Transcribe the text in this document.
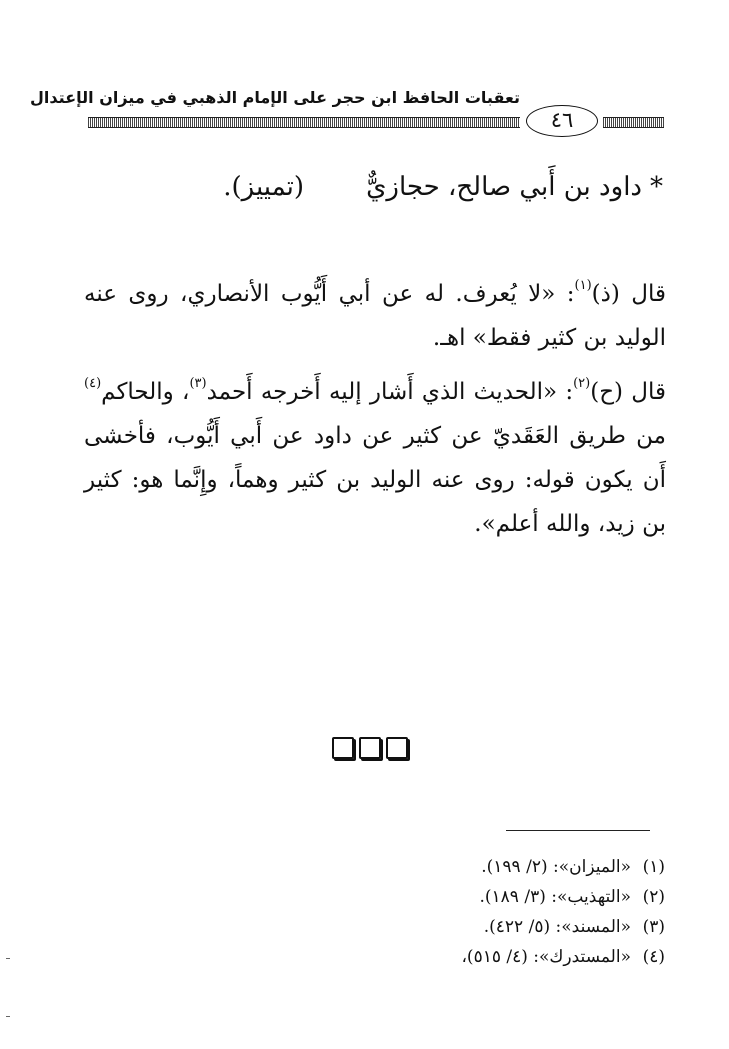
تعقبات الحافظ ابن حجر على الإمام الذهبي في ميزان الإعتدال
٤٦
*داود بن أَبي صالح، حجازيٌّ(تمييز).
قال (ذ)$^{(١)}$: «لا يُعرف. له عن أبي أَيُّوب الأنصاري، روى عنه الوليد بن كثير فقط» اهـ.
قال (ح)$^{(٢)}$: «الحديث الذي أَشار إليه أَخرجه أَحمد$^{(٣)}$، والحاكم$^{(٤)}$ من طريق العَقَديّ عن كثير عن داود عن أَبي أَيُّوب، فأخشى أَن يكون قوله: روى عنه الوليد بن كثير وهماً، وإِنَّما هو: كثير بن زيد، والله أعلم».
(١)«الميزان»: (٢/ ١٩٩).
(٢)«التهذيب»: (٣/ ١٨٩).
(٣)«المسند»: (٥/ ٤٢٢).
(٤)«المستدرك»: (٤/ ٥١٥)،
